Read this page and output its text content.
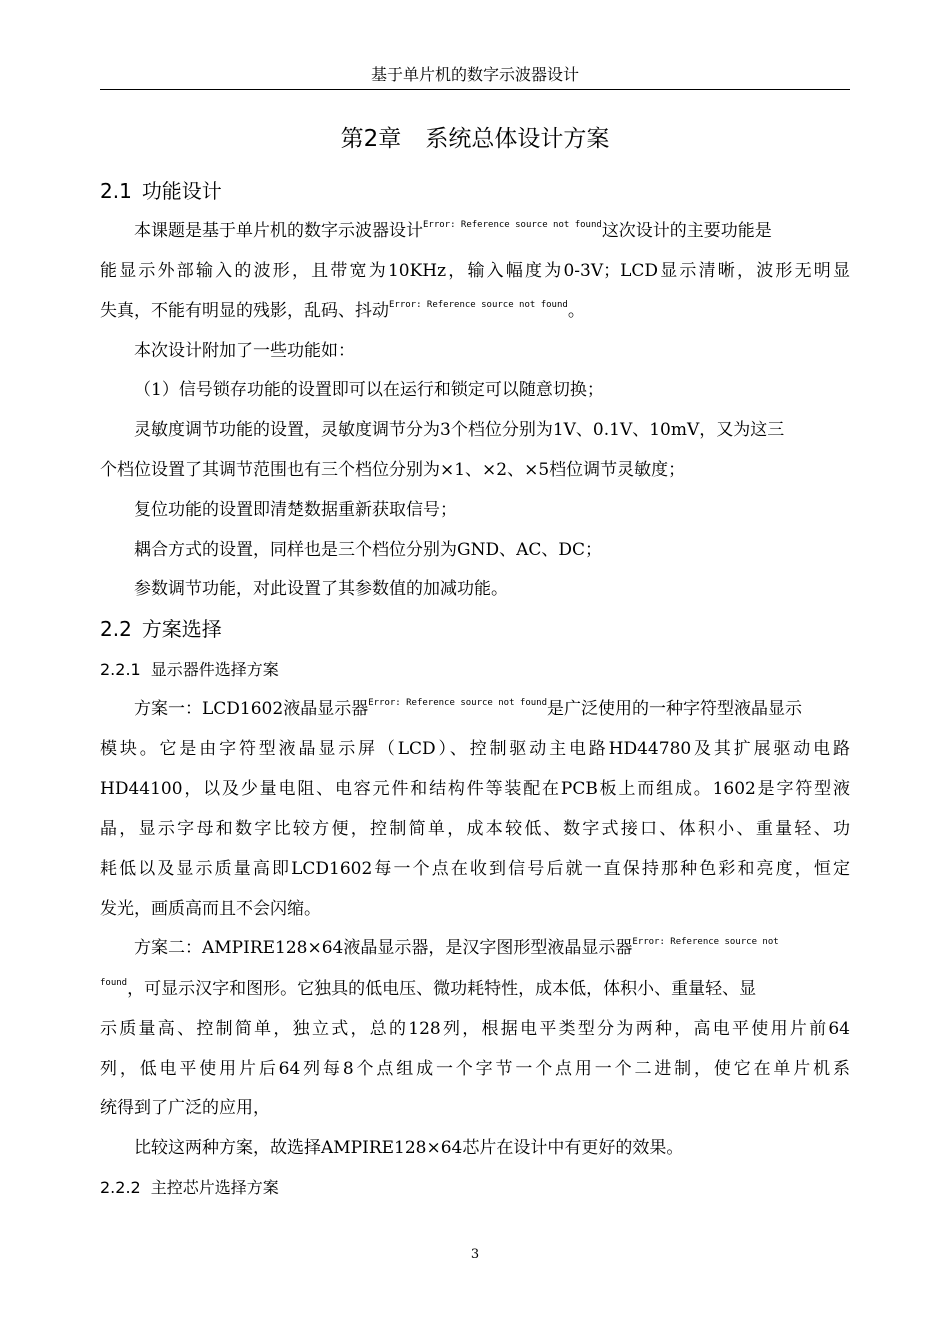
基于单片机的数字示波器设计
第2章 系统总体设计方案
2.1 功能设计
本课题是基于单片机的数字示波器设计$^{Error: Reference source not found}$这次设计的主要功能是
能显示外部输入的波形，且带宽为10KHz，输入幅度为0-3V；LCD显示清晰，波形无明显
失真，不能有明显的残影，乱码、抖动$^{Error: Reference source not found}$。
本次设计附加了一些功能如：
（1）信号锁存功能的设置即可以在运行和锁定可以随意切换；
灵敏度调节功能的设置，灵敏度调节分为3个档位分别为1V、0.1V、10mV，又为这三
个档位设置了其调节范围也有三个档位分别为×1、×2、×5档位调节灵敏度；
复位功能的设置即清楚数据重新获取信号；
耦合方式的设置，同样也是三个档位分别为GND、AC、DC；
参数调节功能，对此设置了其参数值的加减功能。
2.2 方案选择
2.2.1 显示器件选择方案
方案一：LCD1602液晶显示器$^{Error: Reference source not found}$是广泛使用的一种字符型液晶显示
模块。它是由字符型液晶显示屏（LCD）、控制驱动主电路HD44780及其扩展驱动电路
HD44100，以及少量电阻、电容元件和结构件等装配在PCB板上而组成。1602是字符型液
晶，显示字母和数字比较方便，控制简单，成本较低、数字式接口、体积小、重量轻、功
耗低以及显示质量高即LCD1602每一个点在收到信号后就一直保持那种色彩和亮度，恒定
发光，画质高而且不会闪缩。
方案二：AMPIRE128×64液晶显示器，是汉字图形型液晶显示器$^{Error: Reference source not}$
$^{found}$，可显示汉字和图形。它独具的低电压、微功耗特性，成本低，体积小、重量轻、显
示质量高、控制简单，独立式，总的128列，根据电平类型分为两种，高电平使用片前64
列，低电平使用片后64列每8个点组成一个字节一个点用一个二进制，使它在单片机系
统得到了广泛的应用，
比较这两种方案，故选择AMPIRE128×64芯片在设计中有更好的效果。
2.2.2 主控芯片选择方案
3
